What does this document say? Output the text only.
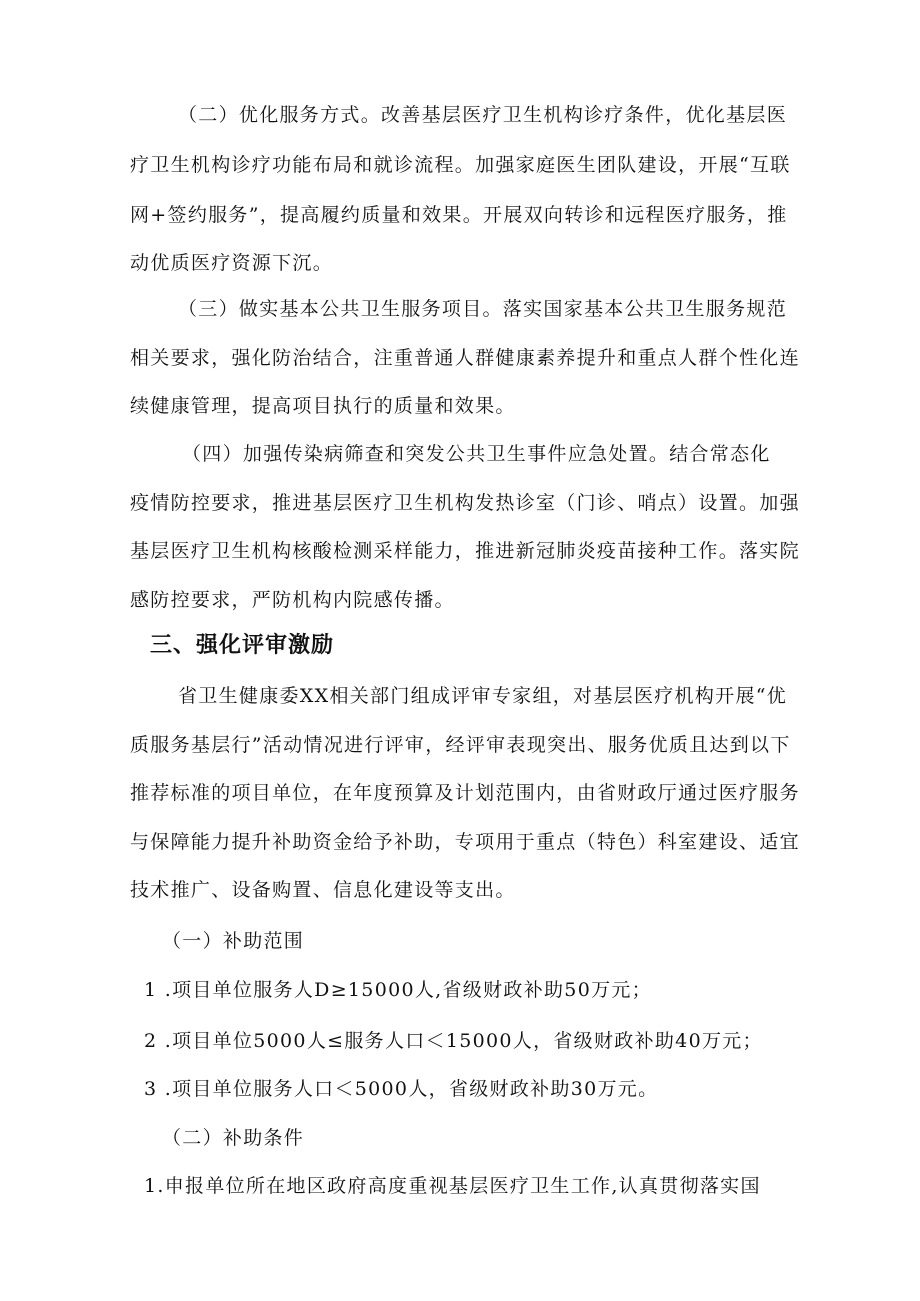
（二）优化服务方式。改善基层医疗卫生机构诊疗条件，优化基层医
疗卫生机构诊疗功能布局和就诊流程。加强家庭医生团队建设，开展“互联
网+签约服务”，提高履约质量和效果。开展双向转诊和远程医疗服务，推
动优质医疗资源下沉。
（三）做实基本公共卫生服务项目。落实国家基本公共卫生服务规范
相关要求，强化防治结合，注重普通人群健康素养提升和重点人群个性化连
续健康管理，提高项目执行的质量和效果。
（四）加强传染病筛查和突发公共卫生事件应急处置。结合常态化
疫情防控要求，推进基层医疗卫生机构发热诊室（门诊、哨点）设置。加强
基层医疗卫生机构核酸检测采样能力，推进新冠肺炎疫苗接种工作。落实院
感防控要求，严防机构内院感传播。
三、强化评审激励
省卫生健康委XX相关部门组成评审专家组，对基层医疗机构开展“优
质服务基层行”活动情况进行评审，经评审表现突出、服务优质且达到以下
推荐标准的项目单位，在年度预算及计划范围内，由省财政厅通过医疗服务
与保障能力提升补助资金给予补助，专项用于重点（特色）科室建设、适宜
技术推广、设备购置、信息化建设等支出。
（一）补助范围
1 .项目单位服务人D≥15000人,省级财政补助50万元；
2 .项目单位5000人≤服务人口＜15000人，省级财政补助40万元；
3 .项目单位服务人口＜5000人，省级财政补助30万元。
（二）补助条件
1.申报单位所在地区政府高度重视基层医疗卫生工作,认真贯彻落实国
